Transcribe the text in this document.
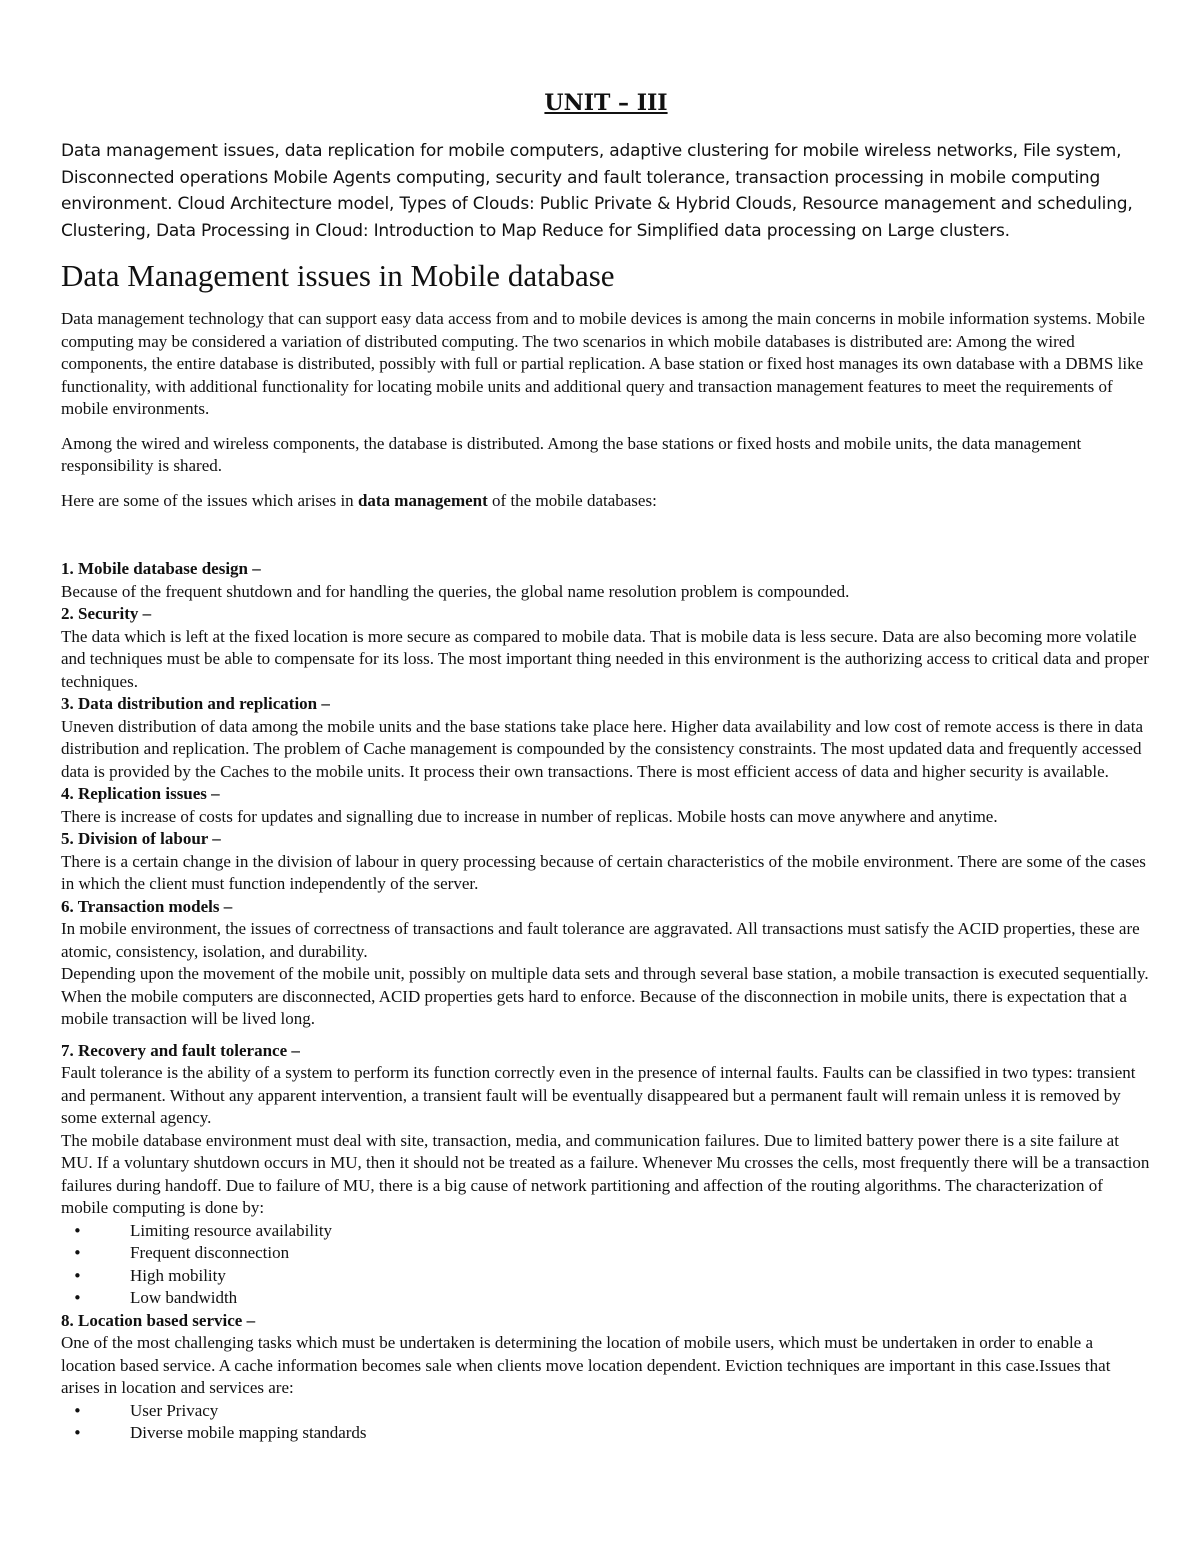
UNIT – III

Data management issues, data replication for mobile computers, adaptive clustering for mobile wireless networks, File system, Disconnected operations Mobile Agents computing, security and fault tolerance, transaction processing in mobile computing environment. Cloud Architecture model, Types of Clouds: Public Private & Hybrid Clouds, Resource management and scheduling, Clustering, Data Processing in Cloud: Introduction to Map Reduce for Simplified data processing on Large clusters.

Data Management issues in Mobile database

Data management technology that can support easy data access from and to mobile devices is among the main concerns in mobile information systems. Mobile computing may be considered a variation of distributed computing. The two scenarios in which mobile databases is distributed are: Among the wired components, the entire database is distributed, possibly with full or partial replication. A base station or fixed host manages its own database with a DBMS like functionality, with additional functionality for locating mobile units and additional query and transaction management features to meet the requirements of mobile environments.

Among the wired and wireless components, the database is distributed. Among the base stations or fixed hosts and mobile units, the data management responsibility is shared.

Here are some of the issues which arises in data management of the mobile databases:

1. Mobile database design –

Because of the frequent shutdown and for handling the queries, the global name resolution problem is compounded.

2. Security –

The data which is left at the fixed location is more secure as compared to mobile data. That is mobile data is less secure. Data are also becoming more volatile and techniques must be able to compensate for its loss. The most important thing needed in this environment is the authorizing access to critical data and proper techniques.

3. Data distribution and replication –

Uneven distribution of data among the mobile units and the base stations take place here. Higher data availability and low cost of remote access is there in data distribution and replication. The problem of Cache management is compounded by the consistency constraints. The most updated data and frequently accessed data is provided by the Caches to the mobile units. It process their own transactions. There is most efficient access of data and higher security is available.

4. Replication issues –

There is increase of costs for updates and signalling due to increase in number of replicas. Mobile hosts can move anywhere and anytime.

5. Division of labour –

There is a certain change in the division of labour in query processing because of certain characteristics of the mobile environment. There are some of the cases in which the client must function independently of the server.

6. Transaction models –

In mobile environment, the issues of correctness of transactions and fault tolerance are aggravated. All transactions must satisfy the ACID properties, these are atomic, consistency, isolation, and durability.

Depending upon the movement of the mobile unit, possibly on multiple data sets and through several base station, a mobile transaction is executed sequentially. When the mobile computers are disconnected, ACID properties gets hard to enforce. Because of the disconnection in mobile units, there is expectation that a mobile transaction will be lived long.

7. Recovery and fault tolerance –

Fault tolerance is the ability of a system to perform its function correctly even in the presence of internal faults. Faults can be classified in two types: transient and permanent. Without any apparent intervention, a transient fault will be eventually disappeared but a permanent fault will remain unless it is removed by some external agency.

The mobile database environment must deal with site, transaction, media, and communication failures. Due to limited battery power there is a site failure at MU. If a voluntary shutdown occurs in MU, then it should not be treated as a failure. Whenever Mu crosses the cells, most frequently there will be a transaction failures during handoff. Due to failure of MU, there is a big cause of network partitioning and affection of the routing algorithms. The characterization of mobile computing is done by:

•	Limiting resource availability
•	Frequent disconnection
•	High mobility
•	Low bandwidth

8. Location based service –

One of the most challenging tasks which must be undertaken is determining the location of mobile users, which must be undertaken in order to enable a location based service. A cache information becomes sale when clients move location dependent. Eviction techniques are important in this case.Issues that arises in location and services are:

•	User Privacy
•	Diverse mobile mapping standards
